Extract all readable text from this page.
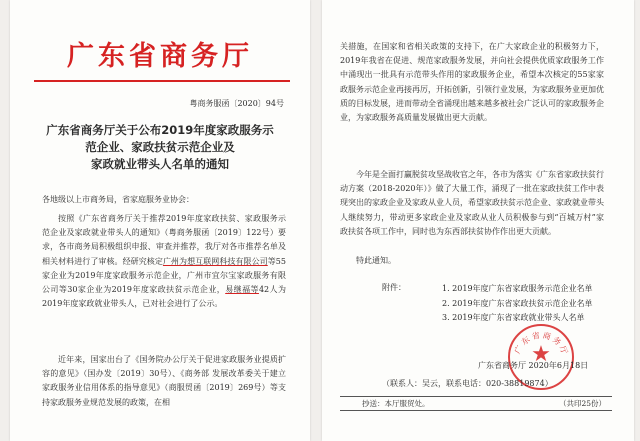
广东省商务厅
粤商务服函〔2020〕94号
广东省商务厅关于公布2019年度家政服务示
范企业、家政扶贫示范企业及
家政就业带头人名单的通知
各地级以上市商务局，省家庭服务业协会：
按照《广东省商务厅关于推荐2019年度家政扶贫、家政服务示范企业及家政就业带头人的通知》（粤商务服函〔2019〕122号）要求，各市商务局积极组织申报、审查并推荐，我厅对各市推荐名单及相关材料进行了审核。经研究核定广州为想互联网科技有限公司等55家企业为2019年度家政服务示范企业，广州市宜尔宝家政服务有限公司等30家企业为2019年度家政扶贫示范企业，易继福等42人为2019年度家政就业带头人，已对社会进行了公示。
近年来，国家出台了《国务院办公厅关于促进家政服务业提质扩容的意见》（国办发〔2019〕30号）、《商务部 发展改革委关于建立家政服务业信用体系的指导意见》（商服贸函〔2019〕269号）等支持家政服务业规范发展的政策，在相
关措施，在国家和省相关政策的支持下，在广大家政企业的积极努力下，2019年我省在促进、规范家政服务发展，并向社会提供优质家政服务工作中涌现出一批具有示范带头作用的家政服务企业，希望本次核定的55家家政服务示范企业再接再厉，开拓创新，引领行业发展，为家政服务业更加优质的目标发展，进而带动全省涌现出越来越多被社会广泛认可的家政服务企业，为家政服务高质量发展做出更大贡献。
今年是全面打赢脱贫攻坚战收官之年，各市为落实《广东省家政扶贫行动方案（2018-2020年）》做了大量工作，涌现了一批在家政扶贫工作中表现突出的家政企业及家政从业人员，希望家政扶贫示范企业、家政就业带头人继续努力，带动更多家政企业及家政从业人员积极参与到“百城万村”家政扶贫各项工作中，同时也为东西部扶贫协作作出更大贡献。
特此通知。
附件：	1. 2019年度广东省家政服务示范企业名单
2. 2019年度广东省家政扶贫示范企业名单
3. 2019年度广东省家政就业带头人名单
广东省商务厅
★
广东省商务厅 2020年6月18日
（联系人：吴云，联系电话：020-38819874）
抄送：本厅服贸处。	（共印25份）
